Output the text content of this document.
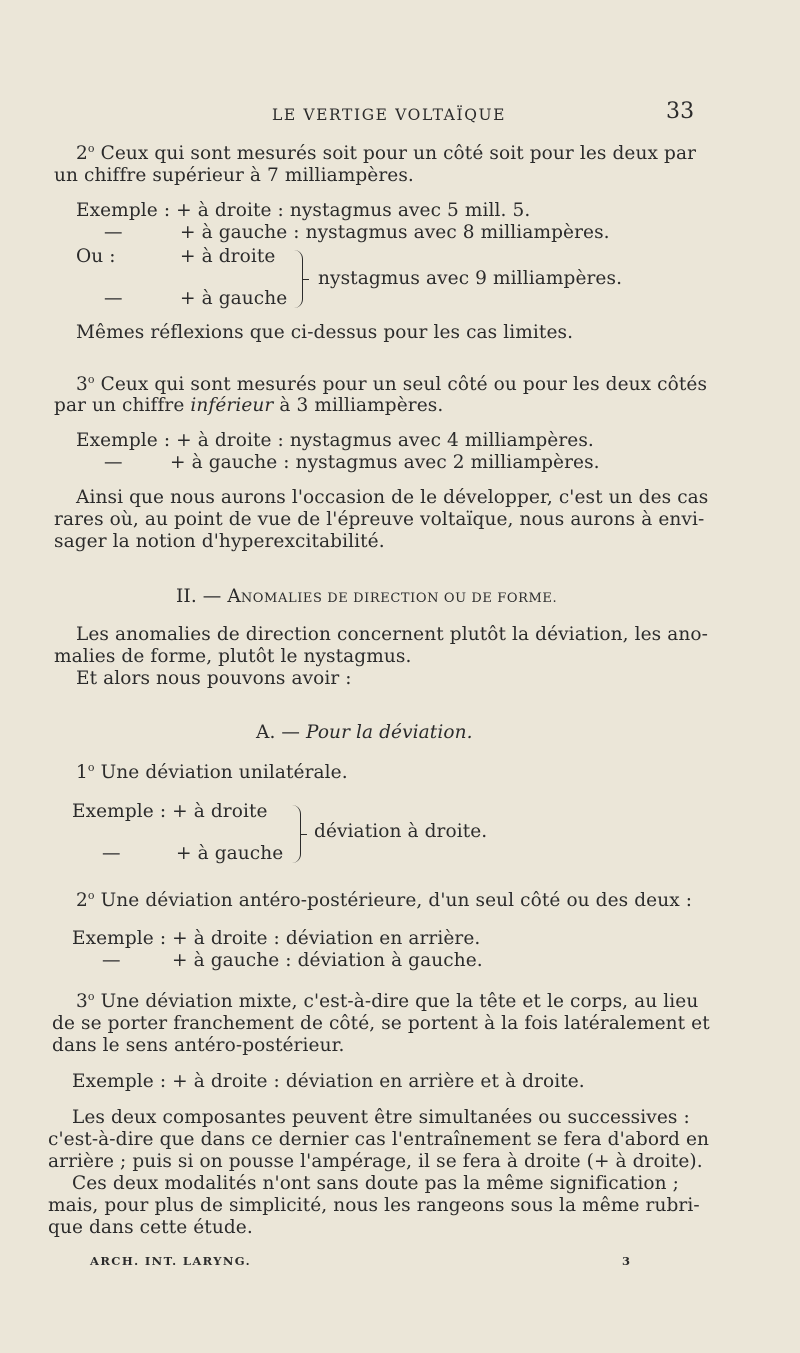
LE VERTIGE VOLTAÏQUE	33
2$^o$ Ceux qui sont mesurés soit pour un côté soit pour les deux par
un chiffre supérieur à 7 milliampères.
Exemple : + à droite : nystagmus avec 5 mill. 5.
—	+ à gauche : nystagmus avec 8 milliampères.
Ou :	+ à droite
—	+ à gauche
nystagmus avec 9 milliampères.
Mêmes réflexions que ci-dessus pour les cas limites.
3$^o$ Ceux qui sont mesurés pour un seul côté ou pour les deux côtés
par un chiffre inférieur à 3 milliampères.
Exemple : + à droite : nystagmus avec 4 milliampères.
—	+ à gauche : nystagmus avec 2 milliampères.
Ainsi que nous aurons l'occasion de le développer, c'est un des cas
rares où, au point de vue de l'épreuve voltaïque, nous aurons à envi-
sager la notion d'hyperexcitabilité.
II. — ANOMALIES DE DIRECTION OU DE FORME.
Les anomalies de direction concernent plutôt la déviation, les ano-
malies de forme, plutôt le nystagmus.
Et alors nous pouvons avoir :
A. — Pour la déviation.
1$^o$ Une déviation unilatérale.
Exemple : + à droite
—	+ à gauche
déviation à droite.
2$^o$ Une déviation antéro-postérieure, d'un seul côté ou des deux :
Exemple : + à droite : déviation en arrière.
—	+ à gauche : déviation à gauche.
3$^o$ Une déviation mixte, c'est-à-dire que la tête et le corps, au lieu
de se porter franchement de côté, se portent à la fois latéralement et
dans le sens antéro-postérieur.
Exemple : + à droite : déviation en arrière et à droite.
Les deux composantes peuvent être simultanées ou successives :
c'est-à-dire que dans ce dernier cas l'entraînement se fera d'abord en
arrière ; puis si on pousse l'ampérage, il se fera à droite (+ à droite).
Ces deux modalités n'ont sans doute pas la même signification ;
mais, pour plus de simplicité, nous les rangeons sous la même rubri-
que dans cette étude.
ARCH. INT. LARYNG.	3
